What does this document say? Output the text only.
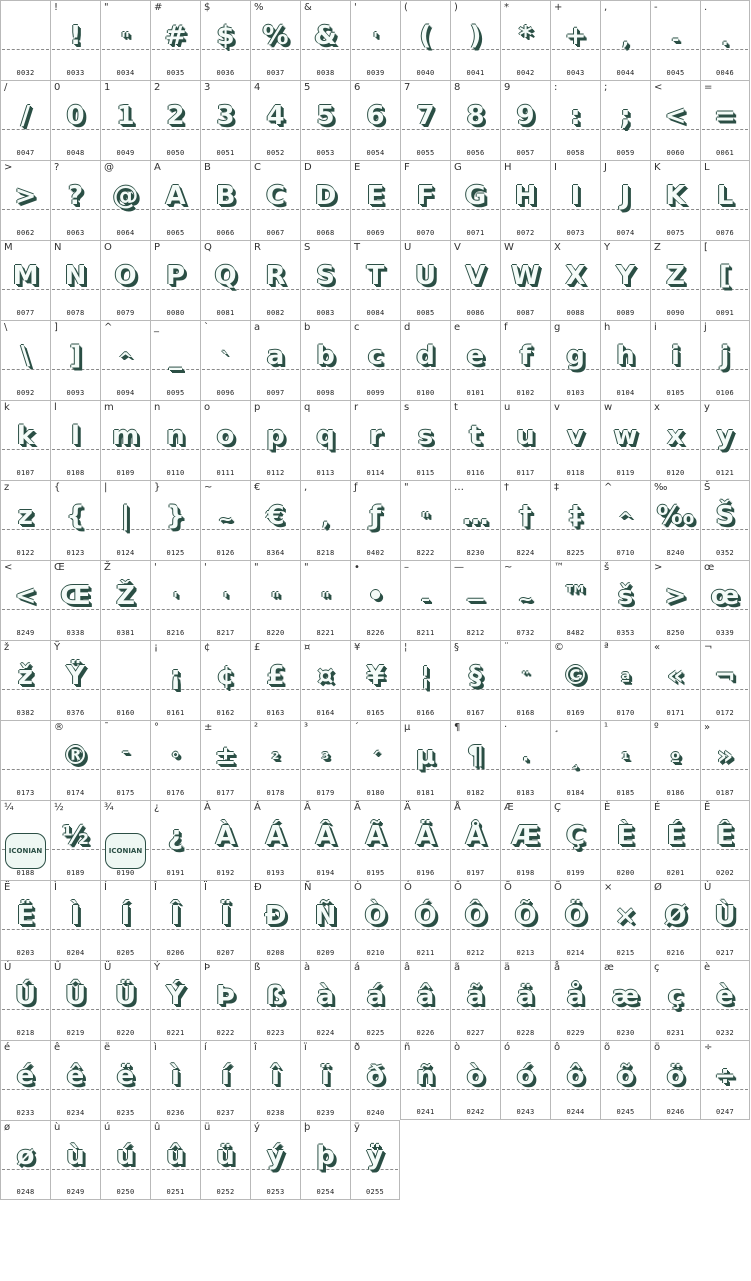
0032
!
!
0033
"
"
0034
#
#
0035
$
$
0036
%
%
0037
&
&
0038
'
'
0039
(
(
0040
)
)
0041
*
*
0042
+
+
0043
,
,
0044
-
-
0045
.
.
0046
/
/
0047
0
0
0048
1
1
0049
2
2
0050
3
3
0051
4
4
0052
5
5
0053
6
6
0054
7
7
0055
8
8
0056
9
9
0057
:
:
0058
;
;
0059
<
<
0060
=
=
0061
>
>
0062
?
?
0063
@
@
0064
A
A
0065
B
B
0066
C
C
0067
D
D
0068
E
E
0069
F
F
0070
G
G
0071
H
H
0072
I
I
0073
J
J
0074
K
K
0075
L
L
0076
M
M
0077
N
N
0078
O
O
0079
P
P
0080
Q
Q
0081
R
R
0082
S
S
0083
T
T
0084
U
U
0085
V
V
0086
W
W
0087
X
X
0088
Y
Y
0089
Z
Z
0090
[
[
0091
\
\
0092
]
]
0093
^
^
0094
_
_
0095
`
`
0096
a
a
0097
b
b
0098
c
c
0099
d
d
0100
e
e
0101
f
f
0102
g
g
0103
h
h
0104
i
i
0105
j
j
0106
k
k
0107
l
l
0108
m
m
0109
n
n
0110
o
o
0111
p
p
0112
q
q
0113
r
r
0114
s
s
0115
t
t
0116
u
u
0117
v
v
0118
w
w
0119
x
x
0120
y
y
0121
z
z
0122
{
{
0123
|
|
0124
}
}
0125
~
~
0126
€
€
8364
,
,
8218
ƒ
ƒ
0402
"
"
8222
…
…
8230
†
†
8224
‡
‡
8225
^
^
0710
‰
‰
8240
Š
Š
0352
<
<
8249
Œ
Œ
0338
Ž
Ž
0381
'
'
8216
'
'
8217
"
"
8220
"
"
8221
•
•
8226
–
–
8211
—
—
8212
~
~
0732
™
™
8482
š
š
0353
>
>
8250
œ
œ
0339
ž
ž
0382
Ÿ
Ÿ
0376	0160
¡
¡
0161
¢
¢
0162
£
£
0163
¤
¤
0164
¥
¥
0165
¦
¦
0166
§
§
0167
¨
¨
0168
©
©
0169
ª
ª
0170
«
«
0171
¬
¬
0172
0173
®
®
0174
¯
¯
0175
°
°
0176
±
±
0177
²
²
0178
³
³
0179
´
´
0180
µ
µ
0181
¶
¶
0182
·
·
0183
¸
¸
0184
¹
¹
0185
º
º
0186
»
»
0187
¼
ICONIAN
0188
½
½
0189
¾
ICONIAN
0190
¿
¿
0191
À
À
0192
Á
Á
0193
Â
Â
0194
Ã
Ã
0195
Ä
Ä
0196
Å
Å
0197
Æ
Æ
0198
Ç
Ç
0199
È
È
0200
É
É
0201
Ê
Ê
0202
Ë
Ë
0203
Ì
Ì
0204
Í
Í
0205
Î
Î
0206
Ï
Ï
0207
Ð
Ð
0208
Ñ
Ñ
0209
Ò
Ò
0210
Ó
Ó
0211
Ô
Ô
0212
Õ
Õ
0213
Ö
Ö
0214
×
×
0215
Ø
Ø
0216
Ù
Ù
0217
Ú
Ú
0218
Û
Û
0219
Ü
Ü
0220
Ý
Ý
0221
Þ
Þ
0222
ß
ß
0223
à
à
0224
á
á
0225
â
â
0226
ã
ã
0227
ä
ä
0228
å
å
0229
æ
æ
0230
ç
ç
0231
è
è
0232
é
é
0233
ê
ê
0234
ë
ë
0235
ì
ì
0236
í
í
0237
î
î
0238
ï
ï
0239
ð
ð
0240
ñ
ñ
0241
ò
ò
0242
ó
ó
0243
ô
ô
0244
õ
õ
0245
ö
ö
0246
÷
÷
0247
ø
ø
0248
ù
ù
0249
ú
ú
0250
û
û
0251
ü
ü
0252
ý
ý
0253
þ
þ
0254
ÿ
ÿ
0255
